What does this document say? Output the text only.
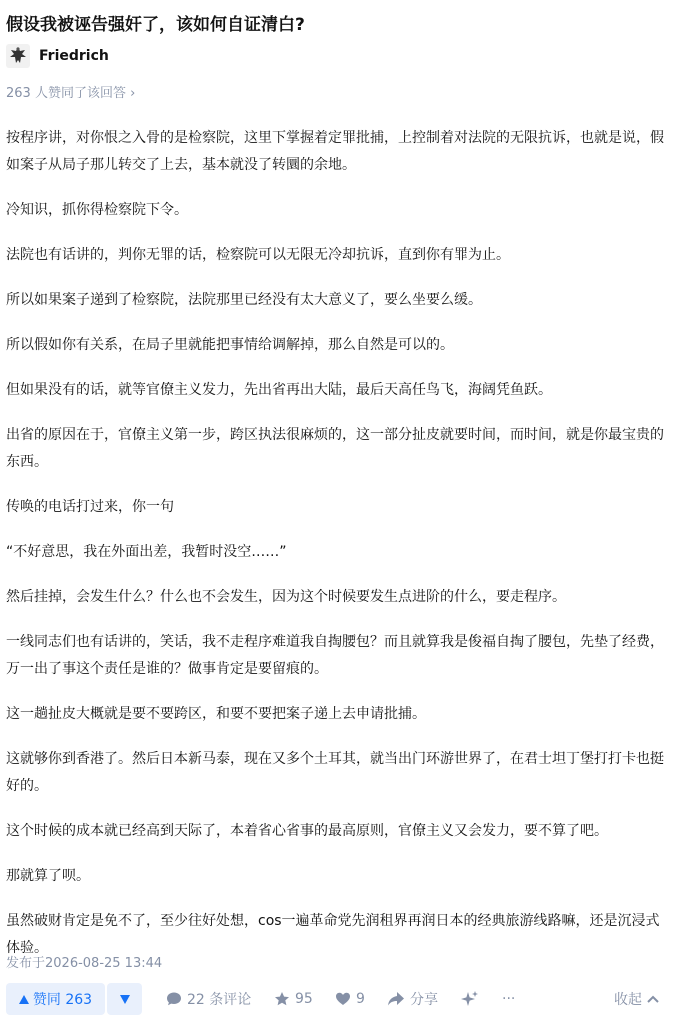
假设我被诬告强奸了，该如何自证清白?
Friedrich
263 人赞同了该回答 ›

按程序讲，对你恨之入骨的是检察院，这里下掌握着定罪批捕，上控制着对法院的无限抗诉，也就是说，假如案子从局子那儿转交了上去，基本就没了转圜的余地。

冷知识，抓你得检察院下令。

法院也有话讲的，判你无罪的话，检察院可以无限无冷却抗诉，直到你有罪为止。

所以如果案子递到了检察院，法院那里已经没有太大意义了，要么坐要么缓。

所以假如你有关系，在局子里就能把事情给调解掉，那么自然是可以的。

但如果没有的话，就等官僚主义发力，先出省再出大陆，最后天高任鸟飞，海阔凭鱼跃。

出省的原因在于，官僚主义第一步，跨区执法很麻烦的，这一部分扯皮就要时间，而时间，就是你最宝贵的东西。

传唤的电话打过来，你一句

“不好意思，我在外面出差，我暂时没空……”

然后挂掉，会发生什么？什么也不会发生，因为这个时候要发生点进阶的什么，要走程序。

一线同志们也有话讲的，笑话，我不走程序难道我自掏腰包？而且就算我是俊福自掏了腰包，先垫了经费，万一出了事这个责任是谁的？做事肯定是要留痕的。

这一趟扯皮大概就是要不要跨区，和要不要把案子递上去申请批捕。

这就够你到香港了。然后日本新马泰，现在又多个土耳其，就当出门环游世界了，在君士坦丁堡打打卡也挺好的。

这个时候的成本就已经高到天际了，本着省心省事的最高原则，官僚主义又会发力，要不算了吧。

那就算了呗。

虽然破财肯定是免不了，至少往好处想，cos一遍革命党先润租界再润日本的经典旅游线路嘛，还是沉浸式体验。

发布于2026-08-25 13:44
赞同 263	22 条评论	95	9	分享	···	收起
